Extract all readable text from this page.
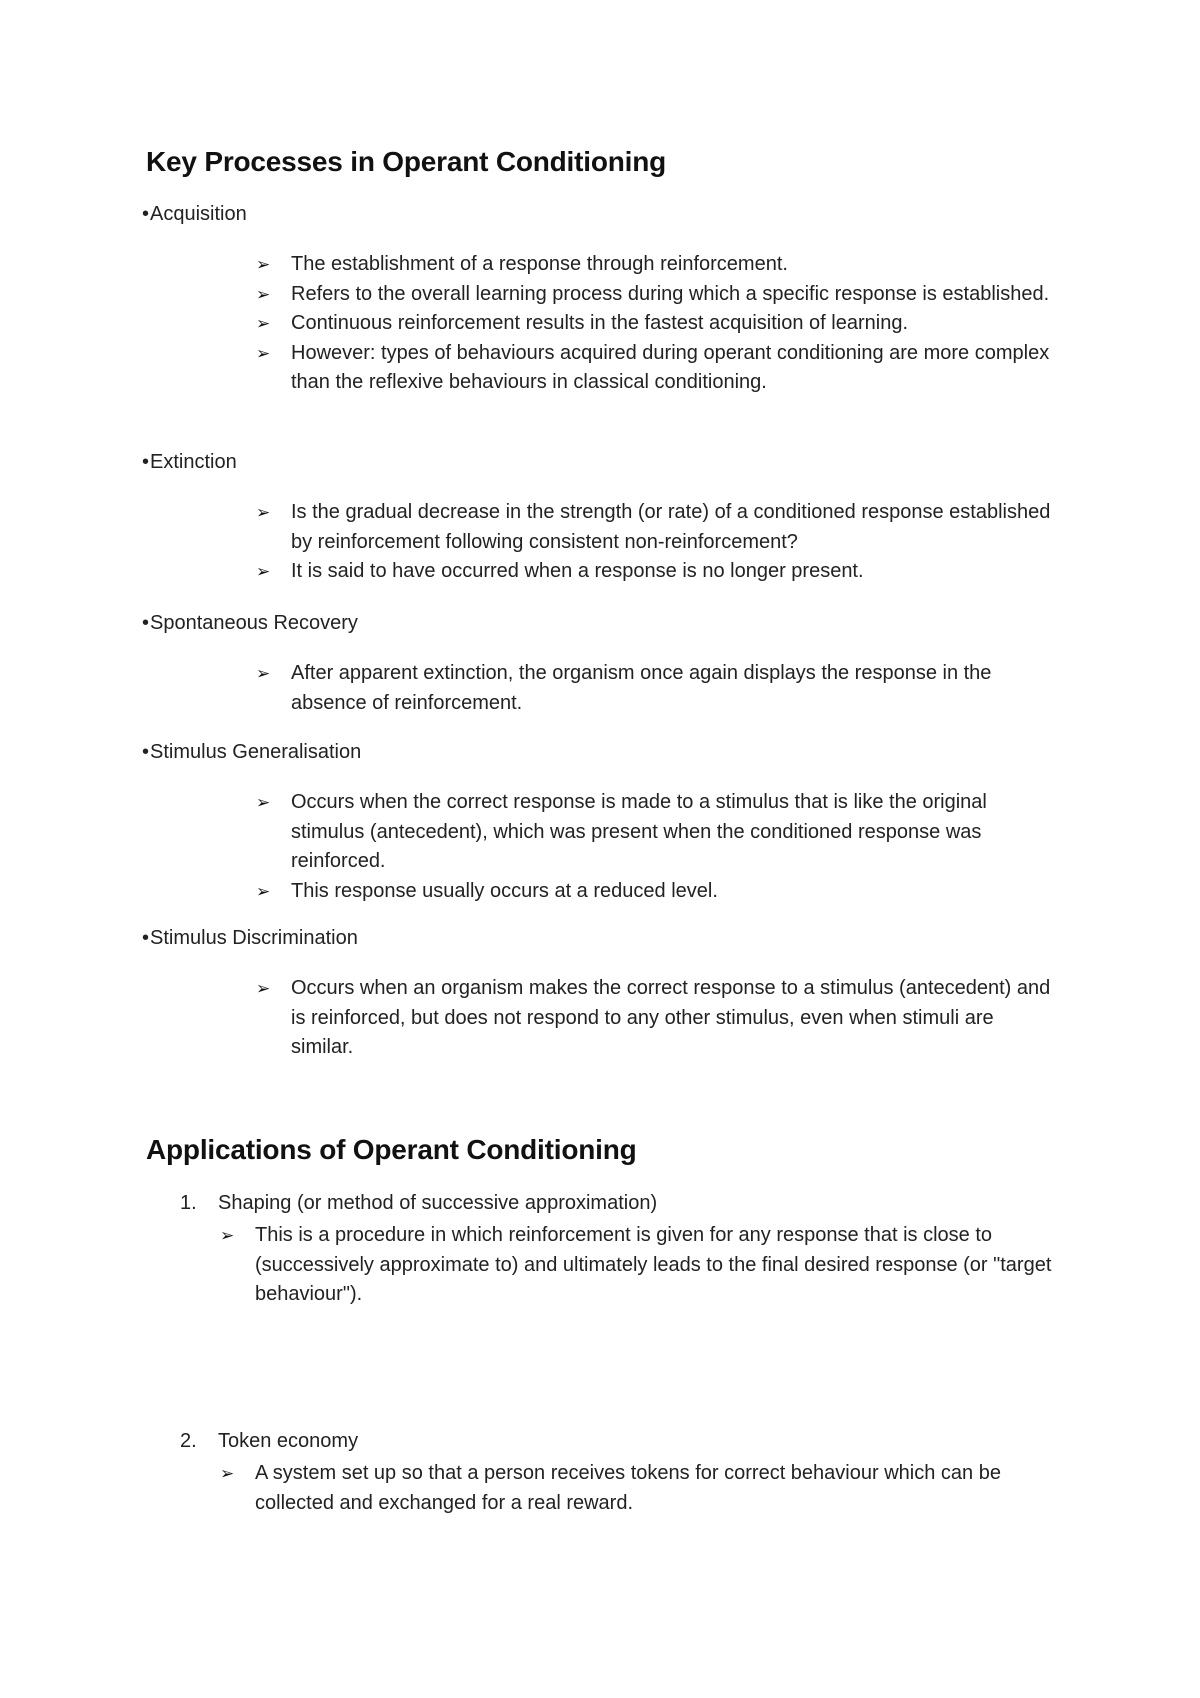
Key Processes in Operant Conditioning

•Acquisition

➢ The establishment of a response through reinforcement.
➢ Refers to the overall learning process during which a specific response is established.
➢ Continuous reinforcement results in the fastest acquisition of learning.
➢ However: types of behaviours acquired during operant conditioning are more complex than the reflexive behaviours in classical conditioning.

•Extinction

➢ Is the gradual decrease in the strength (or rate) of a conditioned response established by reinforcement following consistent non-reinforcement?
➢ It is said to have occurred when a response is no longer present.

•Spontaneous Recovery

➢ After apparent extinction, the organism once again displays the response in the absence of reinforcement.

•Stimulus Generalisation

➢ Occurs when the correct response is made to a stimulus that is like the original stimulus (antecedent), which was present when the conditioned response was reinforced.
➢ This response usually occurs at a reduced level.

•Stimulus Discrimination

➢ Occurs when an organism makes the correct response to a stimulus (antecedent) and is reinforced, but does not respond to any other stimulus, even when stimuli are similar.
Applications of Operant Conditioning

1. Shaping (or method of successive approximation)

➢ This is a procedure in which reinforcement is given for any response that is close to (successively approximate to) and ultimately leads to the final desired response (or "target behaviour").

2. Token economy

➢ A system set up so that a person receives tokens for correct behaviour which can be collected and exchanged for a real reward.
